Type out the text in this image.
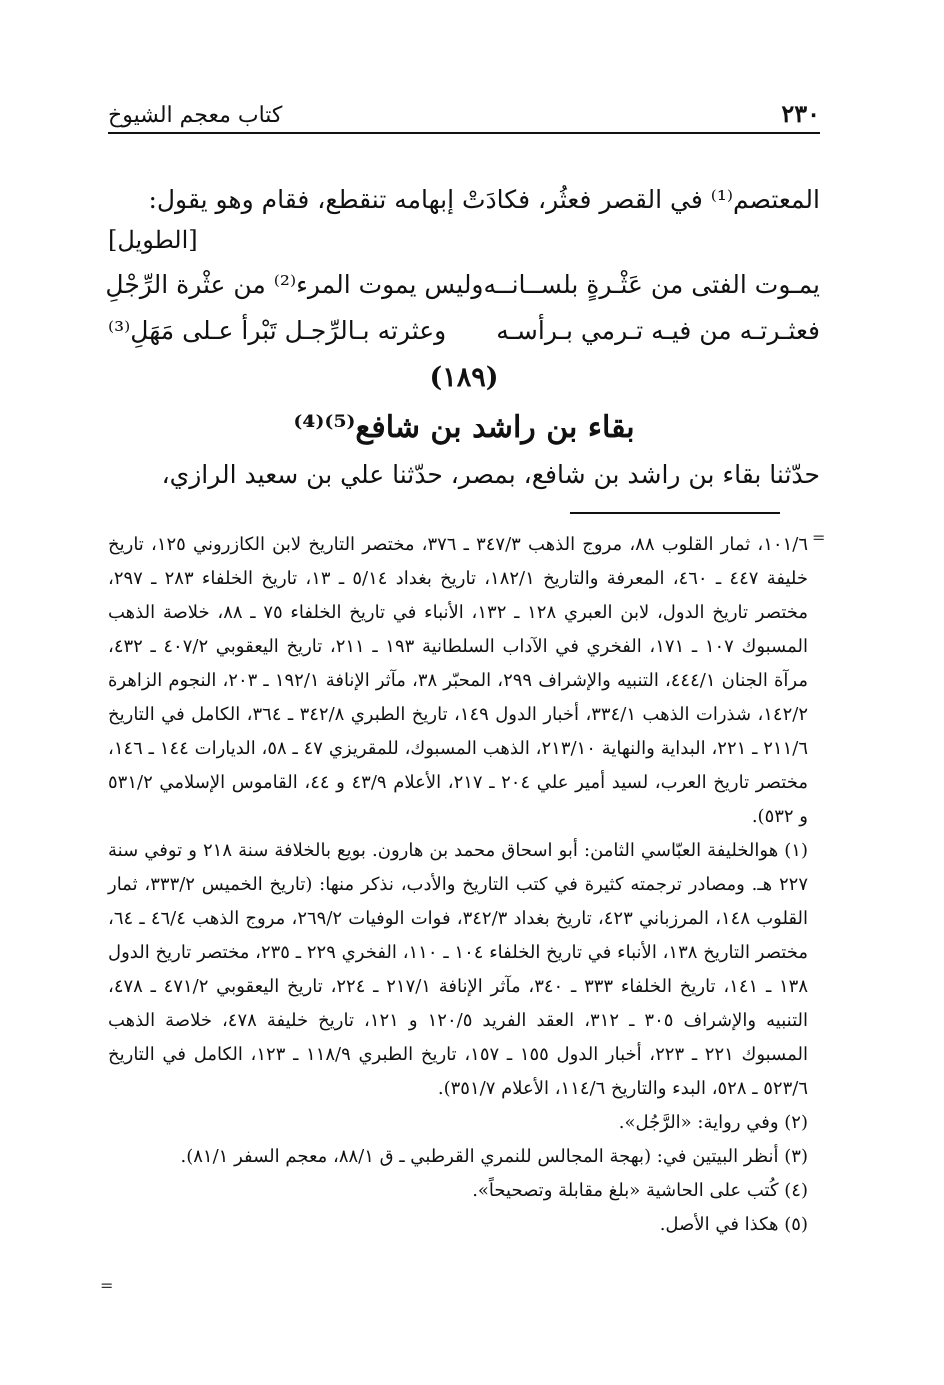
٢٣٠
كتاب معجم الشيوخ
المعتصم⁽¹⁾ في القصر فعثُر، فكادَتْ إبهامه تنقطع، فقام وهو يقول:
[الطويل]
يمـوت الفتى من عَثْـرةٍ بلســانــه
وليس يموت المرء⁽²⁾ من عثْرة الرِّجْلِ
فعثـرتـه من فيـه تـرمي بـرأسـه
وعثرته بـالرِّجـل تَبْرأ عـلى مَهَلِ⁽³⁾
(١٨٩)
بقاء بن راشد بن شافع⁽⁵⁾⁽⁴⁾
حدّثنا بقاء بن راشد بن شافع، بمصر، حدّثنا علي بن سعيد الرازي،
=
=

١٠١/٦، ثمار القلوب ٨٨، مروج الذهب ٣٤٧/٣ ـ ٣٧٦، مختصر التاريخ لابن الكازروني ١٢٥، تاريخ خليفة ٤٤٧ ـ ٤٦٠، المعرفة والتاريخ ١٨٢/١، تاريخ بغداد ٥/١٤ ـ ١٣، تاريخ الخلفاء ٢٨٣ ـ ٢٩٧، مختصر تاريخ الدول، لابن العبري ١٢٨ ـ ١٣٢، الأنباء في تاريخ الخلفاء ٧٥ ـ ٨٨، خلاصة الذهب المسبوك ١٠٧ ـ ١٧١، الفخري في الآداب السلطانية ١٩٣ ـ ٢١١، تاريخ اليعقوبي ٤٠٧/٢ ـ ٤٣٢، مرآة الجنان ٤٤٤/١، التنبيه والإشراف ٢٩٩، المحبّر ٣٨، مآثر الإنافة ١٩٢/١ ـ ٢٠٣، النجوم الزاهرة ١٤٢/٢، شذرات الذهب ٣٣٤/١، أخبار الدول ١٤٩، تاريخ الطبري ٣٤٢/٨ ـ ٣٦٤، الكامل في التاريخ ٢١١/٦ ـ ٢٢١، البداية والنهاية ٢١٣/١٠، الذهب المسبوك، للمقريزي ٤٧ ـ ٥٨، الديارات ١٤٤ ـ ١٤٦، مختصر تاريخ العرب، لسيد أمير علي ٢٠٤ ـ ٢١٧، الأعلام ٤٣/٩ و ٤٤، القاموس الإسلامي ٥٣١/٢ و ٥٣٢).

(١) هوالخليفة العبّاسي الثامن: أبو اسحاق محمد بن هارون. بويع بالخلافة سنة ٢١٨ و توفي سنة ٢٢٧ هـ. ومصادر ترجمته كثيرة في كتب التاريخ والأدب، نذكر منها: (تاريخ الخميس ٣٣٣/٢، ثمار القلوب ١٤٨، المرزباني ٤٢٣، تاريخ بغداد ٣٤٢/٣، فوات الوفيات ٢٦٩/٢، مروج الذهب ٤٦/٤ ـ ٦٤، مختصر التاريخ ١٣٨، الأنباء في تاريخ الخلفاء ١٠٤ ـ ١١٠، الفخري ٢٢٩ ـ ٢٣٥، مختصر تاريخ الدول ١٣٨ ـ ١٤١، تاريخ الخلفاء ٣٣٣ ـ ٣٤٠، مآثر الإنافة ٢١٧/١ ـ ٢٢٤، تاريخ اليعقوبي ٤٧١/٢ ـ ٤٧٨، التنبيه والإشراف ٣٠٥ ـ ٣١٢، العقد الفريد ١٢٠/٥ و ١٢١، تاريخ خليفة ٤٧٨، خلاصة الذهب المسبوك ٢٢١ ـ ٢٢٣، أخبار الدول ١٥٥ ـ ١٥٧، تاريخ الطبري ١١٨/٩ ـ ١٢٣، الكامل في التاريخ ٥٢٣/٦ ـ ٥٢٨، البدء والتاريخ ١١٤/٦، الأعلام ٣٥١/٧).

(٢) وفي رواية: «الرَّجُل».

(٣) أنظر البيتين في: (بهجة المجالس للنمري القرطبي ـ ق ٨٨/١، معجم السفر ٨١/١).

(٤) كُتب على الحاشية «بلغ مقابلة وتصحيحاً».

(٥) هكذا في الأصل.
